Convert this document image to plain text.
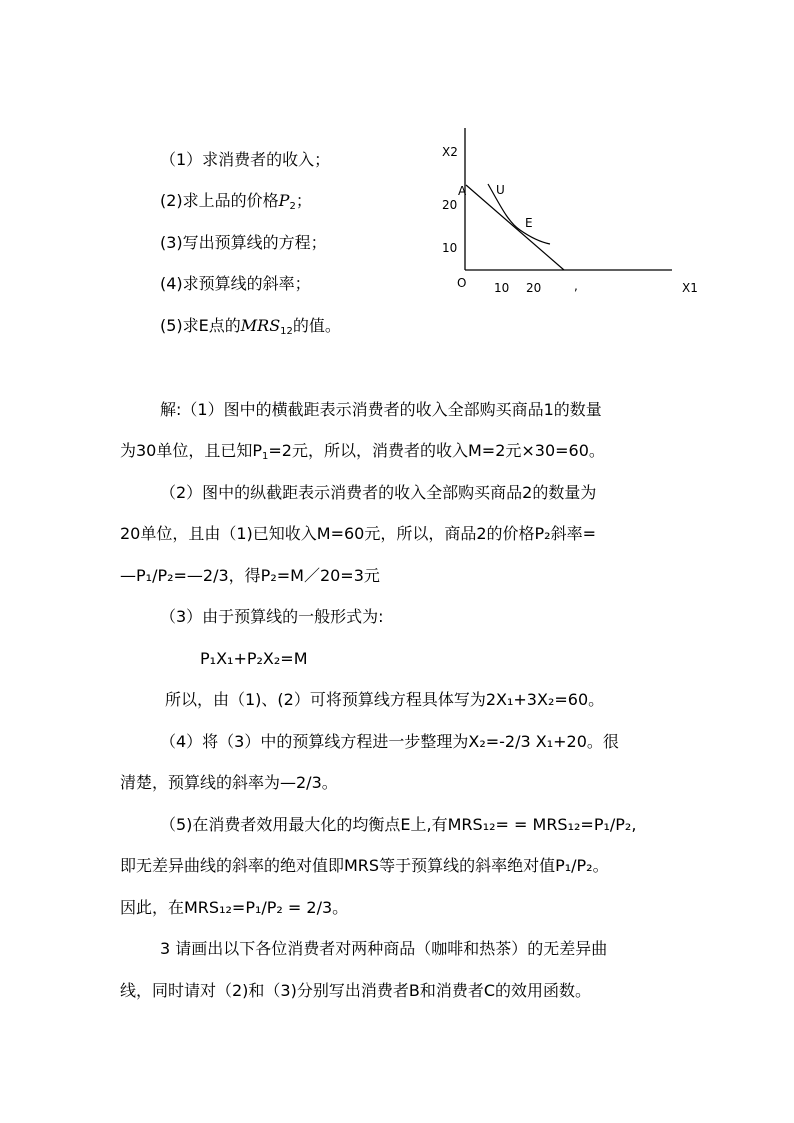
（1）求消费者的收入；
(2)求上品的价格$P_2$；
(3)写出预算线的方程；
(4)求预算线的斜率；
(5)求E点的$MRS_{12}$的值。
X2
X1
O
A U
E
20
10
10 20	,
解:（1）图中的横截距表示消费者的收入全部购买商品1的数量
为30单位，且已知$P_1=2$元，所以，消费者的收入M=2元×30=60。
（2）图中的纵截距表示消费者的收入全部购买商品2的数量为
20单位，且由（1)已知收入M=60元，所以，商品2的价格P₂斜率=
—P₁/P₂=—2/3，得P₂=M／20=3元
（3）由于预算线的一般形式为:
P₁X₁+P₂X₂=M
所以，由（1)、(2）可将预算线方程具体写为2X₁+3X₂=60。
（4）将（3）中的预算线方程进一步整理为X₂=-2/3 X₁+20。很
清楚，预算线的斜率为—2/3。
（5)在消费者效用最大化的均衡点E上,有MRS₁₂= = MRS₁₂=P₁/P₂,
即无差异曲线的斜率的绝对值即MRS等于预算线的斜率绝对值P₁/P₂。
因此，在MRS₁₂=P₁/P₂ = 2/3。
3 请画出以下各位消费者对两种商品（咖啡和热茶）的无差异曲
线，同时请对（2)和（3)分别写出消费者B和消费者C的效用函数。
